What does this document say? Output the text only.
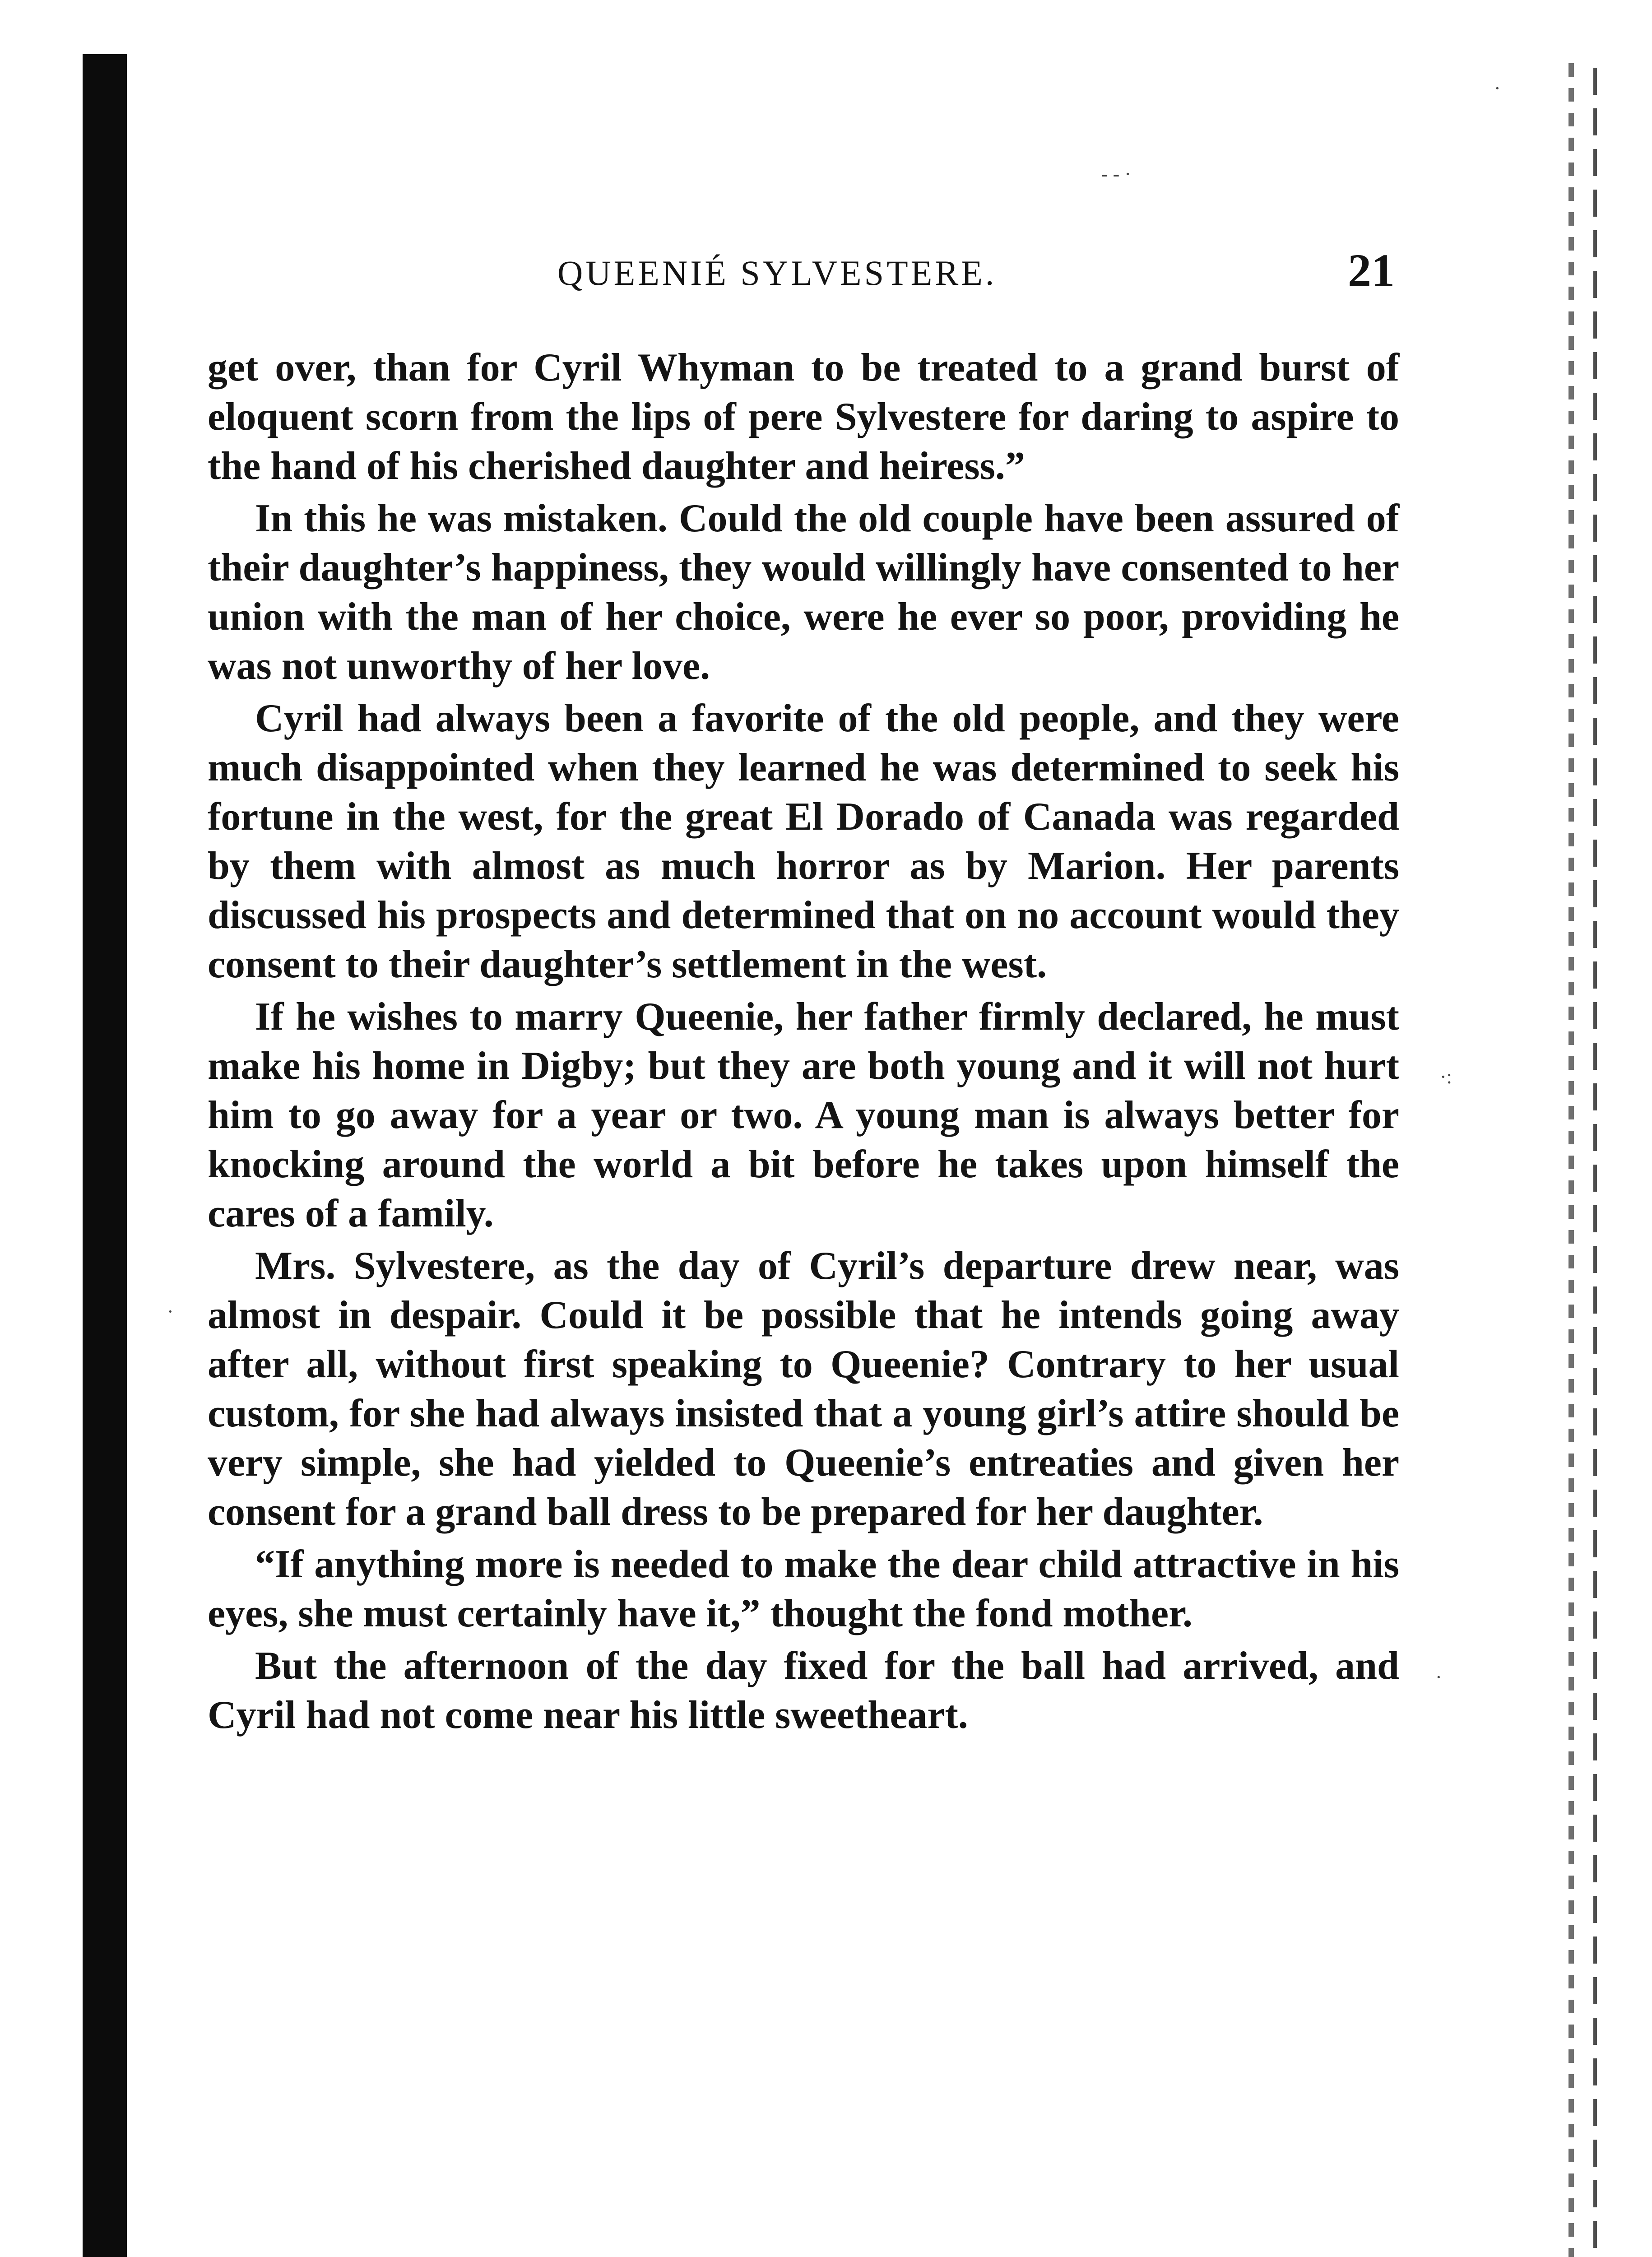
·
- - ·
·:
·
·
QUEENIÉ SYLVESTERE.	21

get over, than for Cyril Whyman to be treated to a grand burst of eloquent scorn from the lips of pere Sylvestere for daring to aspire to the hand of his cherished daughter and heiress.”

In this he was mistaken. Could the old couple have been assured of their daughter’s happiness, they would willingly have consented to her union with the man of her choice, were he ever so poor, providing he was not unworthy of her love.

Cyril had always been a favorite of the old people, and they were much disappointed when they learned he was determined to seek his fortune in the west, for the great El Dorado of Canada was regarded by them with almost as much horror as by Marion. Her parents discussed his prospects and determined that on no account would they consent to their daughter’s settlement in the west.

If he wishes to marry Queenie, her father firmly declared, he must make his home in Digby; but they are both young and it will not hurt him to go away for a year or two. A young man is always better for knocking around the world a bit before he takes upon himself the cares of a family.

Mrs. Sylvestere, as the day of Cyril’s departure drew near, was almost in despair. Could it be possible that he intends going away after all, without first speaking to Queenie? Contrary to her usual custom, for she had always insisted that a young girl’s attire should be very simple, she had yielded to Queenie’s entreaties and given her consent for a grand ball dress to be prepared for her daughter.

“If anything more is needed to make the dear child attractive in his eyes, she must certainly have it,” thought the fond mother.

But the afternoon of the day fixed for the ball had arrived, and Cyril had not come near his little sweetheart.
